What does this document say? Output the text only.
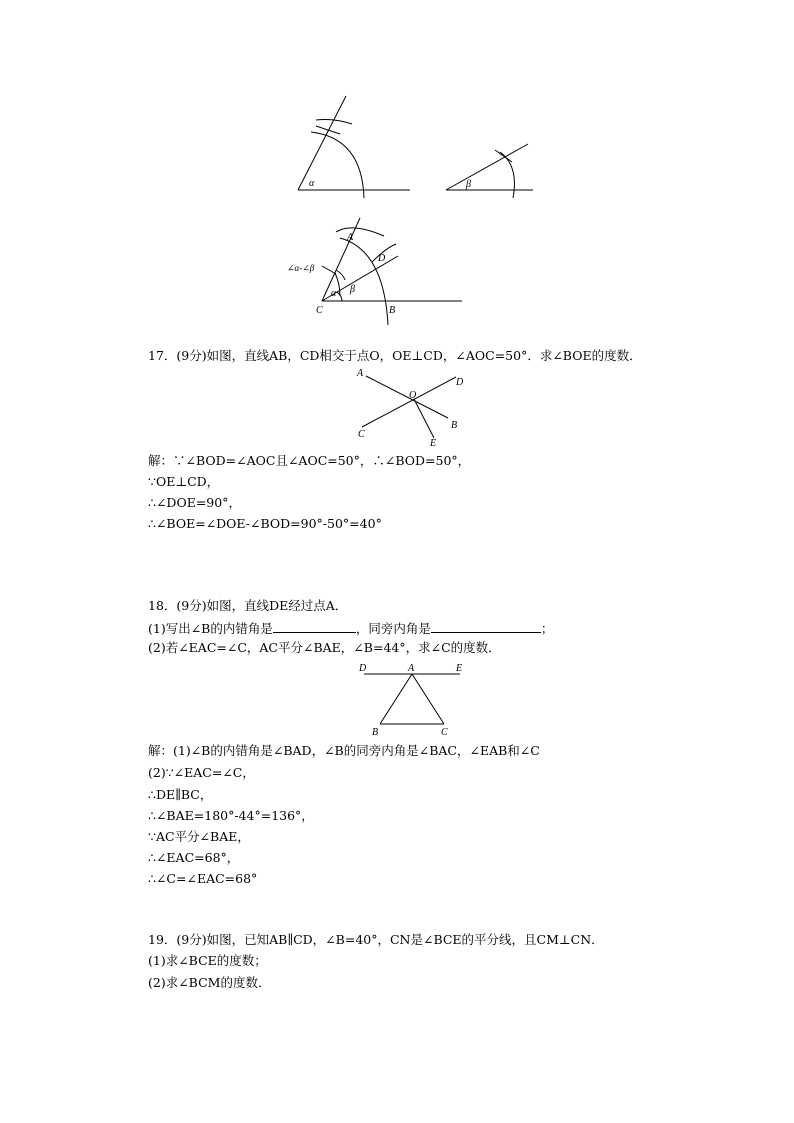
α	β
A
D
C	B
∠α-∠β
α β
17．(9分)如图，直线AB，CD相交于点O，OE⊥CD，∠AOC=50°．求∠BOE的度数．
A
D
O
B
C
E
解：∵∠BOD=∠AOC且∠AOC=50°，∴∠BOD=50°，
∵OE⊥CD，
∴∠DOE=90°，
∴∠BOE=∠DOE-∠BOD=90°-50°=40°
18．(9分)如图，直线DE经过点A．
(1)写出∠B的内错角是	，同旁内角是	；
(2)若∠EAC=∠C，AC平分∠BAE，∠B=44°，求∠C的度数．
D	A	E
B	C
解：(1)∠B的内错角是∠BAD，∠B的同旁内角是∠BAC，∠EAB和∠C
(2)∵∠EAC=∠C，
∴DE∥BC，
∴∠BAE=180°-44°=136°，
∵AC平分∠BAE，
∴∠EAC=68°，
∴∠C=∠EAC=68°
19．(9分)如图，已知AB∥CD，∠B=40°，CN是∠BCE的平分线，且CM⊥CN．
(1)求∠BCE的度数；
(2)求∠BCM的度数．
